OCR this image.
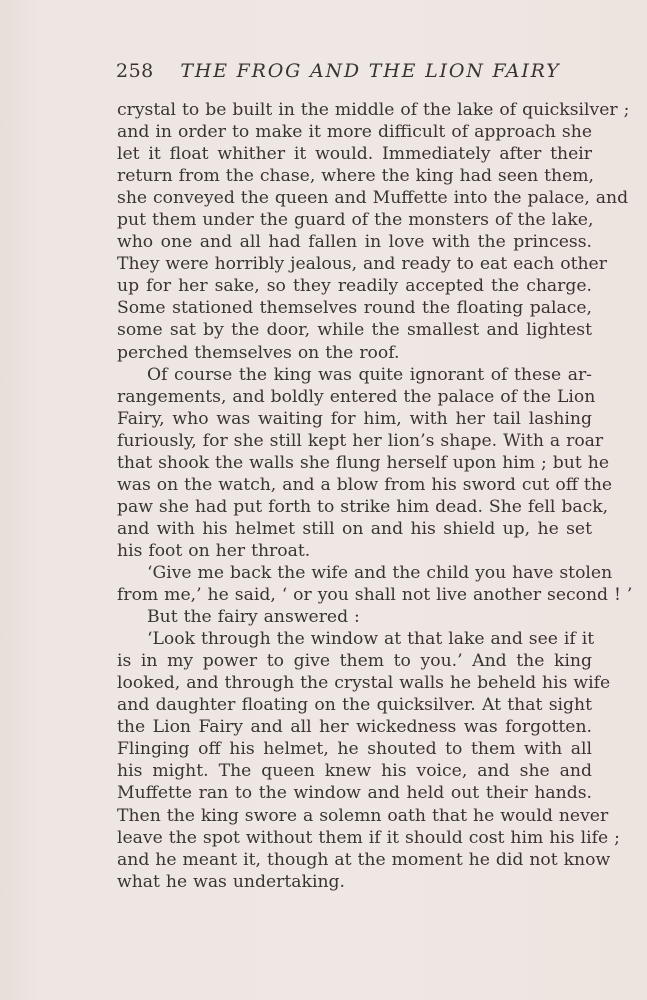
258 THE FROG AND THE LION FAIRY
crystal to be built in the middle of the lake of quicksilver ;
and in order to make it more difficult of approach she
let it float whither it would. Immediately after their
return from the chase, where the king had seen them,
she conveyed the queen and Muffette into the palace, and
put them under the guard of the monsters of the lake,
who one and all had fallen in love with the princess.
They were horribly jealous, and ready to eat each other
up for her sake, so they readily accepted the charge.
Some stationed themselves round the floating palace,
some sat by the door, while the smallest and lightest
perched themselves on the roof.
Of course the king was quite ignorant of these ar-
rangements, and boldly entered the palace of the Lion
Fairy, who was waiting for him, with her tail lashing
furiously, for she still kept her lion’s shape. With a roar
that shook the walls she flung herself upon him ; but he
was on the watch, and a blow from his sword cut off the
paw she had put forth to strike him dead. She fell back,
and with his helmet still on and his shield up, he set
his foot on her throat.
‘Give me back the wife and the child you have stolen
from me,’ he said, ‘ or you shall not live another second ! ’
But the fairy answered :
‘Look through the window at that lake and see if it
is in my power to give them to you.’ And the king
looked, and through the crystal walls he beheld his wife
and daughter floating on the quicksilver. At that sight
the Lion Fairy and all her wickedness was forgotten.
Flinging off his helmet, he shouted to them with all
his might. The queen knew his voice, and she and
Muffette ran to the window and held out their hands.
Then the king swore a solemn oath that he would never
leave the spot without them if it should cost him his life ;
and he meant it, though at the moment he did not know
what he was undertaking.
